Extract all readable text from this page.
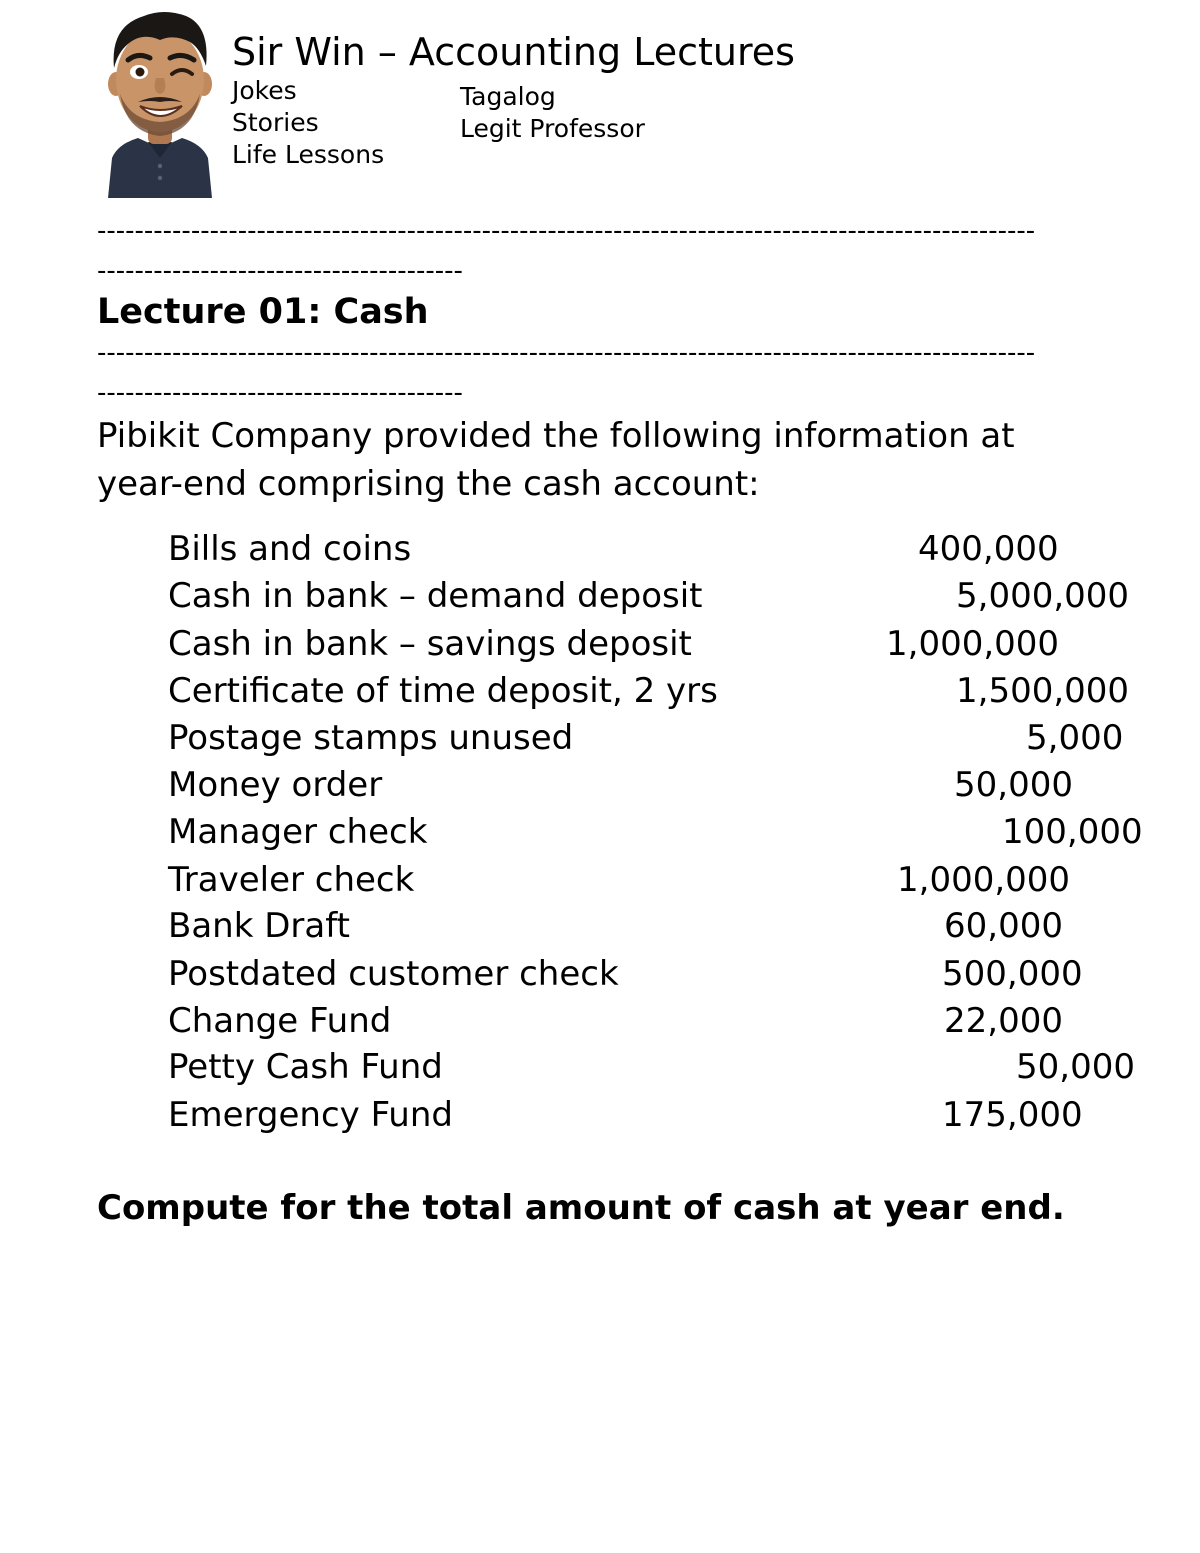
Sir Win – Accounting Lectures
Jokes
Stories
Life Lessons
Tagalog
Legit Professor
----------------------------------------------------------------------------------------------------
---------------------------------------
Lecture 01: Cash
----------------------------------------------------------------------------------------------------
---------------------------------------
Pibikit Company provided the following information at year-end comprising the cash account:
Bills and coins	400,000
Cash in bank – demand deposit	5,000,000
Cash in bank – savings deposit	1,000,000
Certificate of time deposit, 2 yrs	1,500,000
Postage stamps unused	5,000
Money order	50,000
Manager check	100,000
Traveler check	1,000,000
Bank Draft	60,000
Postdated customer check	500,000
Change Fund	22,000
Petty Cash Fund	50,000
Emergency Fund	175,000
Compute for the total amount of cash at year end.
